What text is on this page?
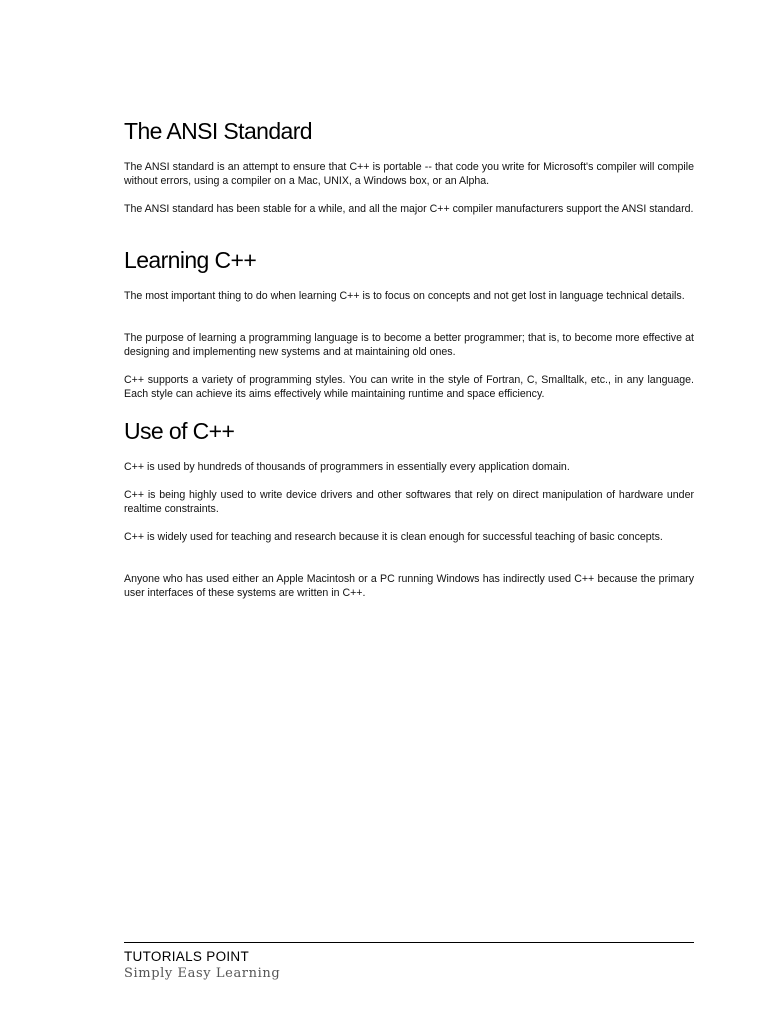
The ANSI Standard

The ANSI standard is an attempt to ensure that C++ is portable -- that code you write for Microsoft's compiler will compile without errors, using a compiler on a Mac, UNIX, a Windows box, or an Alpha.

The ANSI standard has been stable for a while, and all the major C++ compiler manufacturers support the ANSI standard.

Learning C++

The most important thing to do when learning C++ is to focus on concepts and not get lost in language technical details.

The purpose of learning a programming language is to become a better programmer; that is, to become more effective at designing and implementing new systems and at maintaining old ones.

C++ supports a variety of programming styles. You can write in the style of Fortran, C, Smalltalk, etc., in any language. Each style can achieve its aims effectively while maintaining runtime and space efficiency.

Use of C++

C++ is used by hundreds of thousands of programmers in essentially every application domain.

C++ is being highly used to write device drivers and other softwares that rely on direct manipulation of hardware under realtime constraints.

C++ is widely used for teaching and research because it is clean enough for successful teaching of basic concepts.

Anyone who has used either an Apple Macintosh or a PC running Windows has indirectly used C++ because the primary user interfaces of these systems are written in C++.

TUTORIALS POINT
Simply Easy Learning
